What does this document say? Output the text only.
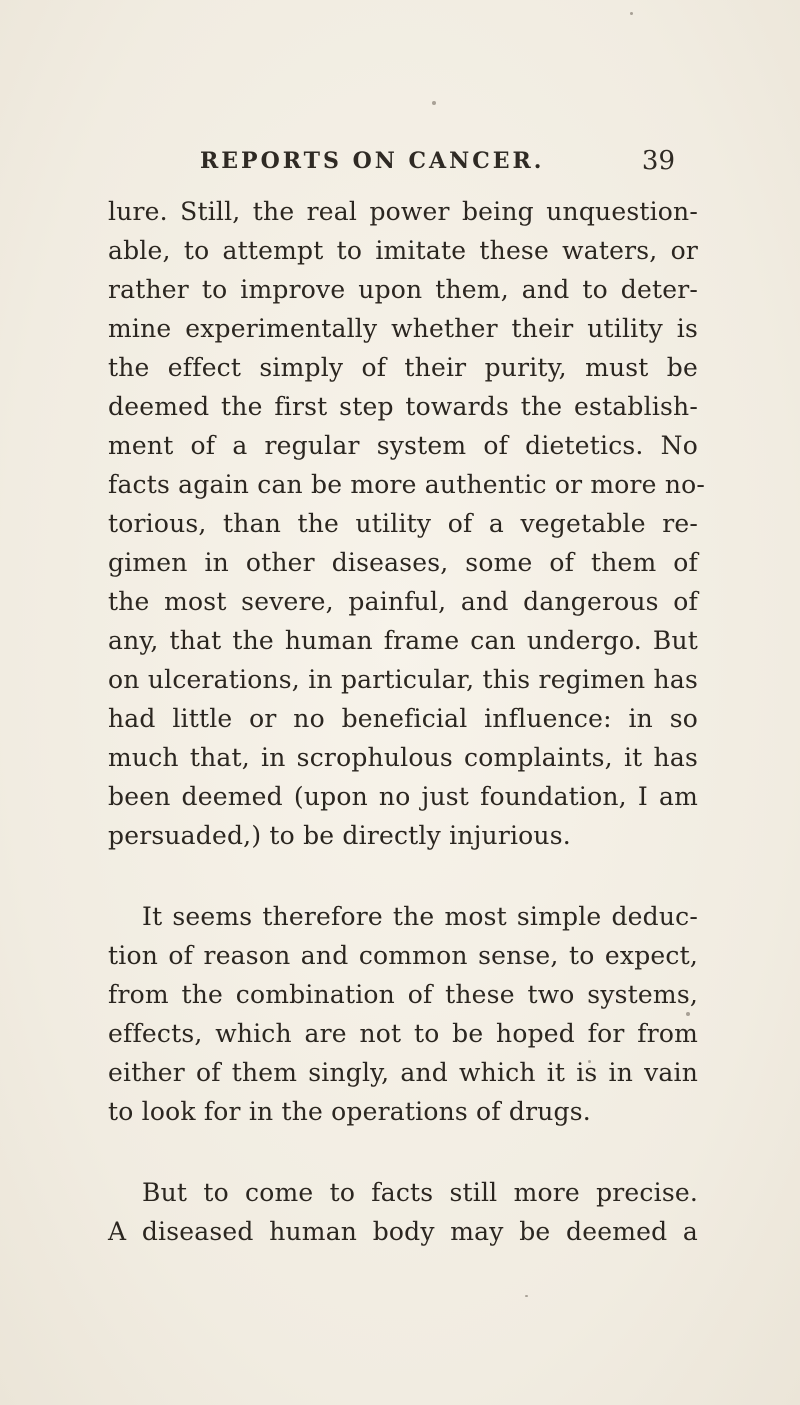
REPORTS ON CANCER.	39
lure. Still, the real power being unquestion-
able, to attempt to imitate these waters, or
rather to improve upon them, and to deter-
mine experimentally whether their utility is
the effect simply of their purity, must be
deemed the first step towards the establish-
ment of a regular system of dietetics. No
facts again can be more authentic or more no-
torious, than the utility of a vegetable re-
gimen in other diseases, some of them of
the most severe, painful, and dangerous of
any, that the human frame can undergo. But
on ulcerations, in particular, this regimen has
had little or no beneficial influence: in so
much that, in scrophulous complaints, it has
been deemed (upon no just foundation, I am
persuaded,) to be directly injurious.
It seems therefore the most simple deduc-
tion of reason and common sense, to expect,
from the combination of these two systems,
effects, which are not to be hoped for from
either of them singly, and which it is in vain
to look for in the operations of drugs.
But to come to facts still more precise.
A diseased human body may be deemed a
